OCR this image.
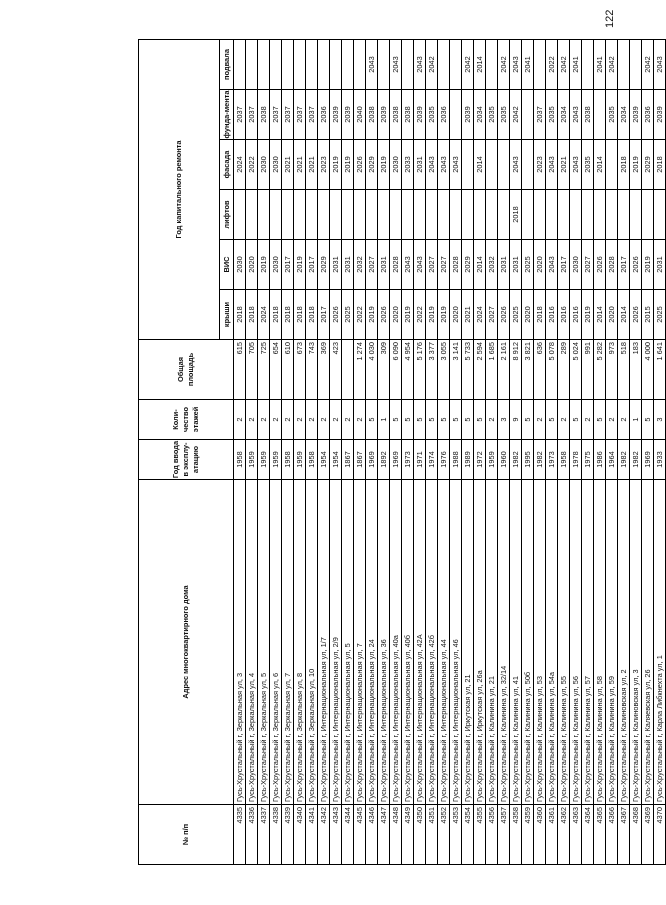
122
№ п/п	Адрес многоквартирного дома	Год ввода в эксплу-атацию	Коли-чество этажей	Общая площадь	Год капитального ремонта					
					крыши	ВИС	лифтов	фасада	фунда-мента	подвала
4335	Гусь-Хрустальный г, Зеркальная ул, 3	1958	2	615	2018	2030		2024	2037	
4336	Гусь-Хрустальный г, Зеркальная ул, 4	1959	2	705	2018	2020		2022	2037	
4337	Гусь-Хрустальный г, Зеркальная ул, 5	1959	2	725	2024	2019		2030	2038	
4338	Гусь-Хрустальный г, Зеркальная ул, 6	1959	2	654	2018	2030		2030	2037	
4339	Гусь-Хрустальный г, Зеркальная ул, 7	1958	2	610	2018	2017		2021	2037	
4340	Гусь-Хрустальный г, Зеркальная ул, 8	1959	2	673	2018	2019		2021	2037	
4341	Гусь-Хрустальный г, Зеркальная ул, 10	1958	2	743	2018	2017		2021	2037	
4342	Гусь-Хрустальный г, Интернациональная ул, 1/7	1954	2	369	2017	2029		2023	2036	
4343	Гусь-Хрустальный г, Интернациональная ул, 2/9	1954	2	423	2026	2031		2019	2039	
4344	Гусь-Хрустальный г, Интернациональная ул, 5	1867	2		2025	2031		2019	2039	
4345	Гусь-Хрустальный г, Интернациональная ул, 7	1867	2	1 274	2022	2032		2026	2040	
4346	Гусь-Хрустальный г, Интернациональная ул, 24	1969	5	4 030	2019	2027		2029	2038	2043
4347	Гусь-Хрустальный г, Интернациональная ул, 36	1892	1	309	2026	2031		2019	2039	
4348	Гусь-Хрустальный г, Интернациональная ул, 40а	1969	5	6 090	2020	2028		2030	2038	2043
4349	Гусь-Хрустальный г, Интернациональная ул, 40б	1973	5	4 954	2019	2043		2033	2038	
4350	Гусь-Хрустальный г, Интернациональная ул, 42А	1971	5	5 176	2022	2043		2031	2039	2043
4351	Гусь-Хрустальный г, Интернациональная ул, 42б	1974	5	3 377	2019	2027		2043	2035	2042
4352	Гусь-Хрустальный г, Интернациональная ул, 44	1976	5	3 055	2019	2027		2043	2036	
4353	Гусь-Хрустальный г, Интернациональная ул, 46	1988	5	3 141	2020	2028		2043		
4354	Гусь-Хрустальный г, Иркутская ул, 21	1989	5	5 733	2021	2029			2039	2042
4355	Гусь-Хрустальный г, Иркутская ул, 26а	1972	5	2 594	2024	2014		2014	2034	2014
4356	Гусь-Хрустальный г, Калинина ул, 21	1959	2	1 685	2027	2032			2035	
4357	Гусь-Хрустальный г, Калинина ул, 32/14	1960	3	2 161	2026	2031			2035	2042
4358	Гусь-Хрустальный г, Калинина ул, 41	1982	9	8 912	2025	2031	2018	2043	2042	2043
4359	Гусь-Хрустальный г, Калинина ул, 50б	1995	5	3 821	2020	2025				2041
4360	Гусь-Хрустальный г, Калинина ул, 53	1982	2	636	2018	2020		2023	2037	
4361	Гусь-Хрустальный г, Калинина ул, 54а	1973	5	5 078	2016	2043		2043	2035	2022
4362	Гусь-Хрустальный г, Калинина ул, 55	1958	2	289	2016	2017		2021	2034	2042
4363	Гусь-Хрустальный г, Калинина ул, 56	1978	5	5 024	2016	2030		2043	2043	2041
4364	Гусь-Хрустальный г, Калинина ул, 57	1975	2	991	2019	2027		2035	2038	
4365	Гусь-Хрустальный г, Калинина ул, 58	1986	5	5 282	2014	2026		2014		2041
4366	Гусь-Хрустальный г, Калинина ул, 59	1964	2	973	2020	2028			2035	2042
4367	Гусь-Хрустальный г, Калиновская ул, 2	1982	2	518	2014	2017		2018	2034	
4368	Гусь-Хрустальный г, Калиновская ул, 3	1982	1	183	2026	2026		2019	2039	
4369	Гусь-Хрустальный г, Каляевская ул, 26	1969	5	4 000	2015	2019		2029	2036	2042
4370	Гусь-Хрустальный г, Карла Либкнехта ул, 1	1933	3	1 641	2025	2031		2018	2039	2043
